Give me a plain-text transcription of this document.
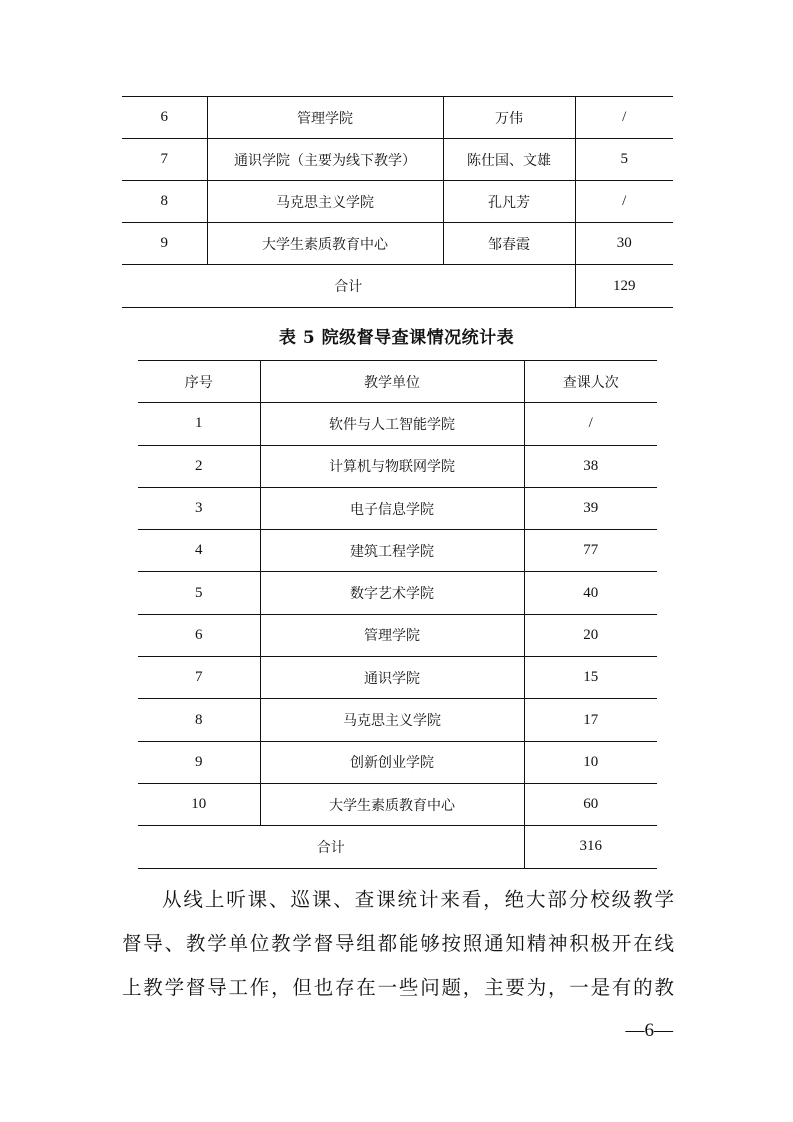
6	管理学院	万伟	/
7	通识学院（主要为线下教学）	陈仕国、文雄	5
8	马克思主义学院	孔凡芳	/
9	大学生素质教育中心	邹春霞	30
合计			129
表 5 院级督导查课情况统计表
序号	教学单位	查课人次
1	软件与人工智能学院	/
2	计算机与物联网学院	38
3	电子信息学院	39
4	建筑工程学院	77
5	数字艺术学院	40
6	管理学院	20
7	通识学院	15
8	马克思主义学院	17
9	创新创业学院	10
10	大学生素质教育中心	60
合计		316

从线上听课、巡课、查课统计来看，绝大部分校级教学
督导、教学单位教学督导组都能够按照通知精神积极开在线
上教学督导工作，但也存在一些问题，主要为，一是有的教

—6—
